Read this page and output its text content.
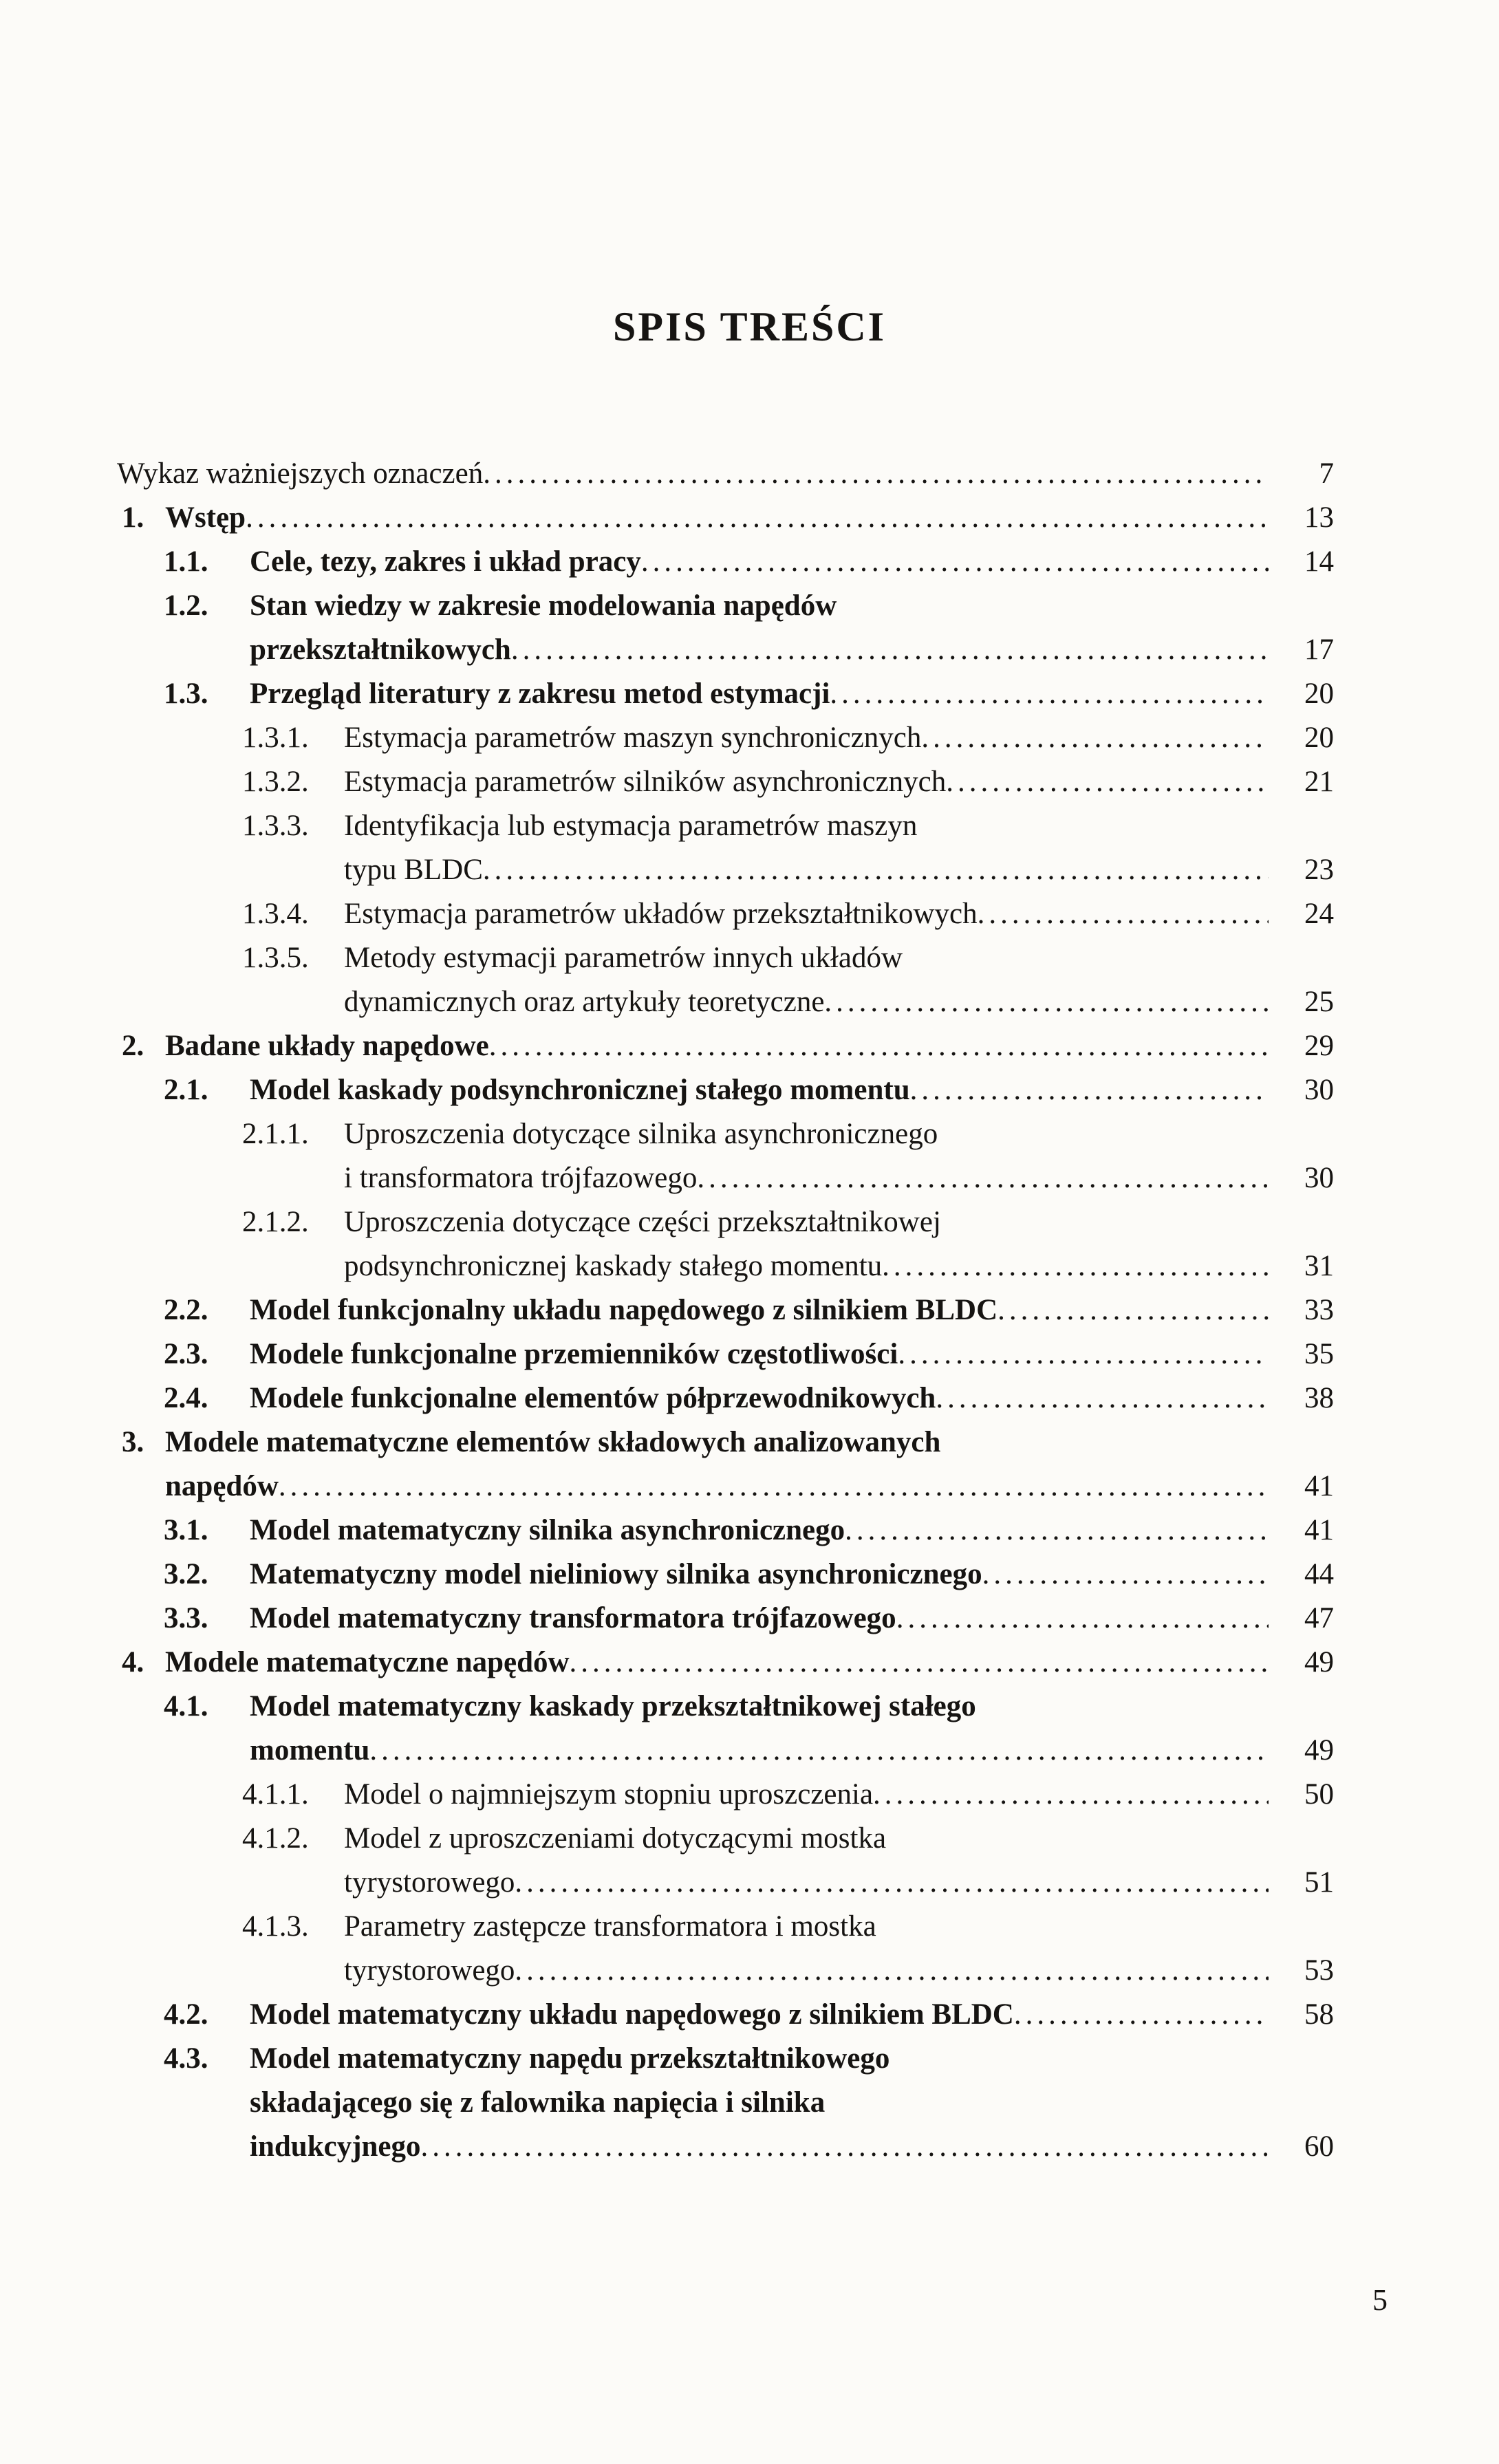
SPIS TREŚCI
Wykaz ważniejszych oznaczeń .....	7
1. Wstęp .....	13
1.1.	Cele, tezy, zakres i układ pracy .....	14
1.2.	Stan wiedzy w zakresie modelowania napędów
przekształtnikowych .....	17
1.3.	Przegląd literatury z zakresu metod estymacji .....	20
1.3.1.	Estymacja parametrów maszyn synchronicznych .....	20
1.3.2.	Estymacja parametrów silników asynchronicznych .....	21
1.3.3.	Identyfikacja lub estymacja parametrów maszyn
typu BLDC .....	23
1.3.4.	Estymacja parametrów układów przekształtnikowych .....	24
1.3.5.	Metody estymacji parametrów innych układów
dynamicznych oraz artykuły teoretyczne .....	25
2. Badane układy napędowe .....	29
2.1.	Model kaskady podsynchronicznej stałego momentu .....	30
2.1.1.	Uproszczenia dotyczące silnika asynchronicznego
i transformatora trójfazowego .....	30
2.1.2.	Uproszczenia dotyczące części przekształtnikowej
podsynchronicznej kaskady stałego momentu .....	31
2.2.	Model funkcjonalny układu napędowego z silnikiem BLDC .....	33
2.3.	Modele funkcjonalne przemienników częstotliwości .....	35
2.4.	Modele funkcjonalne elementów półprzewodnikowych .....	38
3. Modele matematyczne elementów składowych analizowanych
napędów .....	41
3.1.	Model matematyczny silnika asynchronicznego .....	41
3.2.	Matematyczny model nieliniowy silnika asynchronicznego .....	44
3.3.	Model matematyczny transformatora trójfazowego .....	47
4. Modele matematyczne napędów .....	49
4.1.	Model matematyczny kaskady przekształtnikowej stałego
momentu .....	49
4.1.1.	Model o najmniejszym stopniu uproszczenia .....	50
4.1.2.	Model z uproszczeniami dotyczącymi mostka
tyrystorowego .....	51
4.1.3.	Parametry zastępcze transformatora i mostka
tyrystorowego .....	53
4.2.	Model matematyczny układu napędowego z silnikiem BLDC .....	58
4.3.	Model matematyczny napędu przekształtnikowego
składającego się z falownika napięcia i silnika
indukcyjnego .....	60
5
